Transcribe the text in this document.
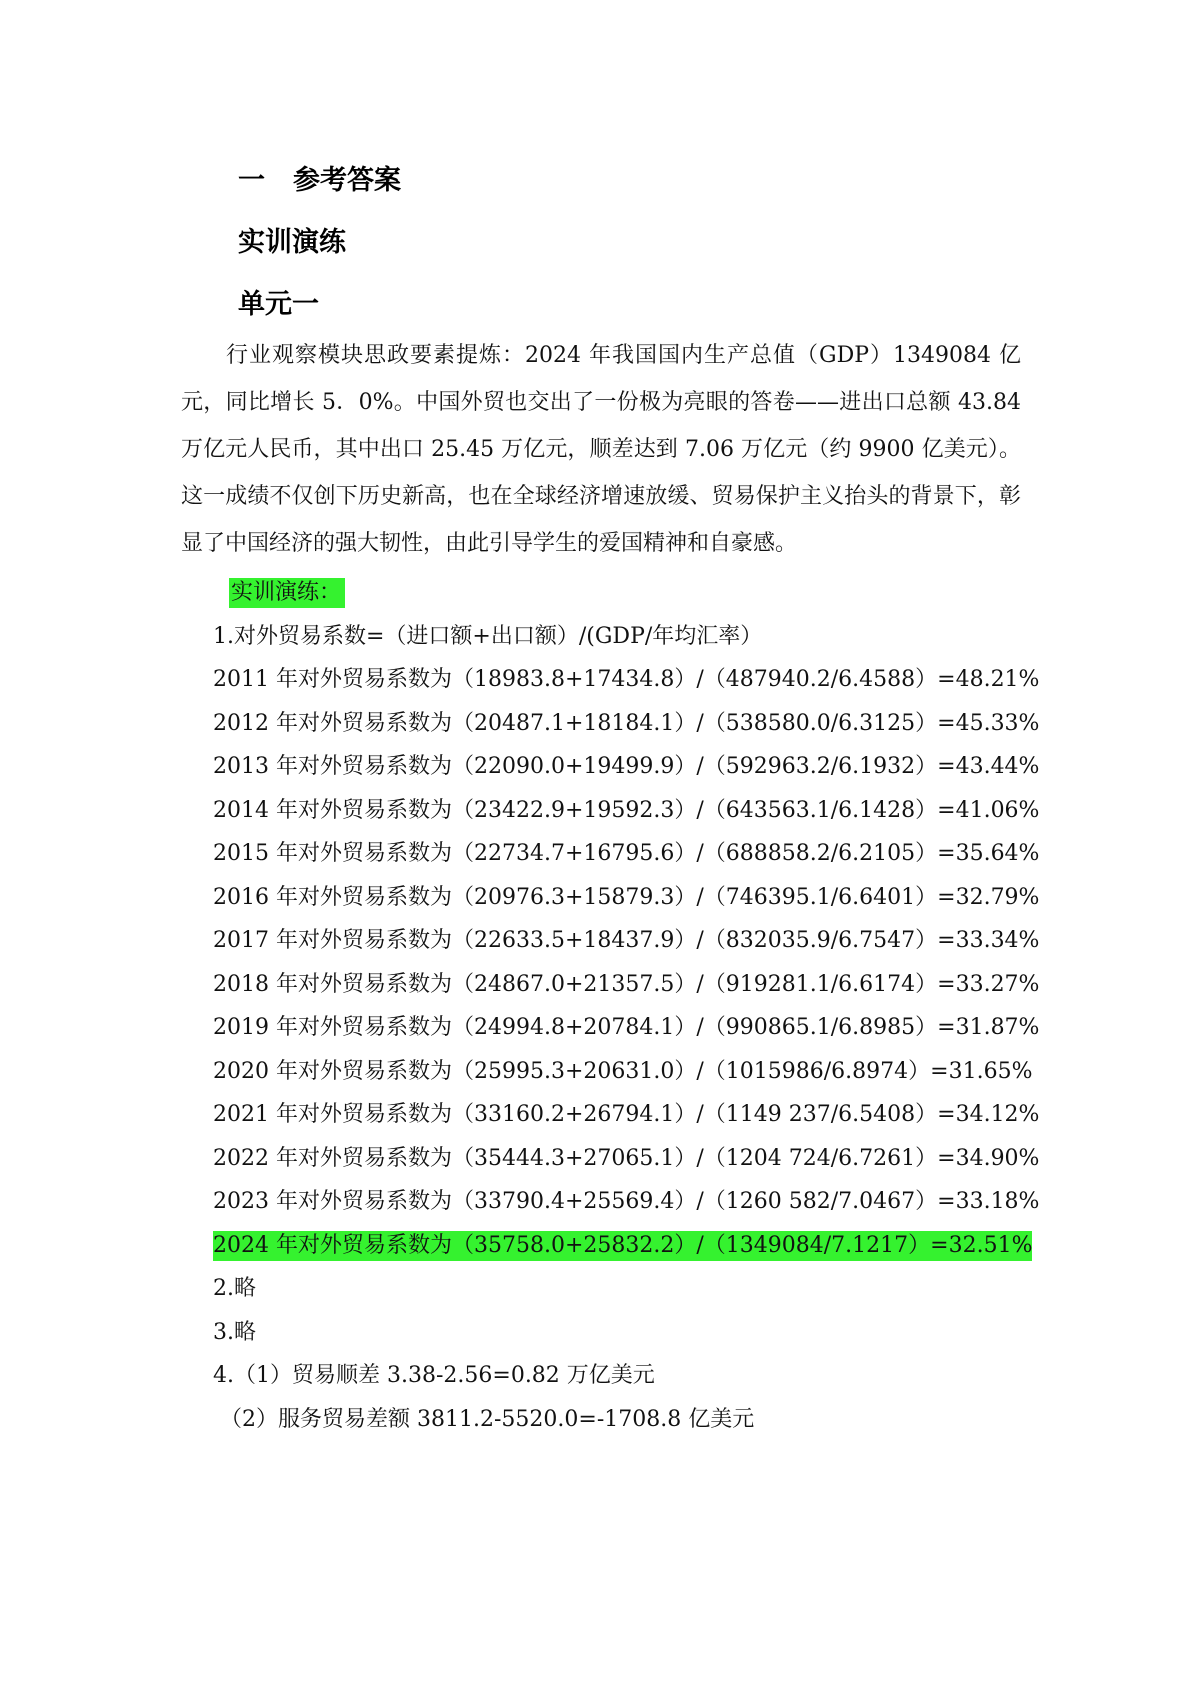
一 参考答案
实训演练
单元一
行业观察模块思政要素提炼：2024 年我国国内生产总值（GDP）1349084 亿元，同比增长 5．0%。中国外贸也交出了一份极为亮眼的答卷——进出口总额 43.84 万亿元人民币，其中出口 25.45 万亿元，顺差达到 7.06 万亿元（约 9900 亿美元）。这一成绩不仅创下历史新高，也在全球经济增速放缓、贸易保护主义抬头的背景下，彰显了中国经济的强大韧性，由此引导学生的爱国精神和自豪感。
实训演练：
1.对外贸易系数=（进口额+出口额）/(GDP/年均汇率）
2011 年对外贸易系数为（18983.8+17434.8）/（487940.2/6.4588）=48.21%
2012 年对外贸易系数为（20487.1+18184.1）/（538580.0/6.3125）=45.33%
2013 年对外贸易系数为（22090.0+19499.9）/（592963.2/6.1932）=43.44%
2014 年对外贸易系数为（23422.9+19592.3）/（643563.1/6.1428）=41.06%
2015 年对外贸易系数为（22734.7+16795.6）/（688858.2/6.2105）=35.64%
2016 年对外贸易系数为（20976.3+15879.3）/（746395.1/6.6401）=32.79%
2017 年对外贸易系数为（22633.5+18437.9）/（832035.9/6.7547）=33.34%
2018 年对外贸易系数为（24867.0+21357.5）/（919281.1/6.6174）=33.27%
2019 年对外贸易系数为（24994.8+20784.1）/（990865.1/6.8985）=31.87%
2020 年对外贸易系数为（25995.3+20631.0）/（1015986/6.8974）=31.65%
2021 年对外贸易系数为（33160.2+26794.1）/（1149 237/6.5408）=34.12%
2022 年对外贸易系数为（35444.3+27065.1）/（1204 724/6.7261）=34.90%
2023 年对外贸易系数为（33790.4+25569.4）/（1260 582/7.0467）=33.18%
2024 年对外贸易系数为（35758.0+25832.2）/（1349084/7.1217）=32.51%
2.略
3.略
4.（1）贸易顺差 3.38-2.56=0.82 万亿美元
（2）服务贸易差额 3811.2-5520.0=-1708.8 亿美元
